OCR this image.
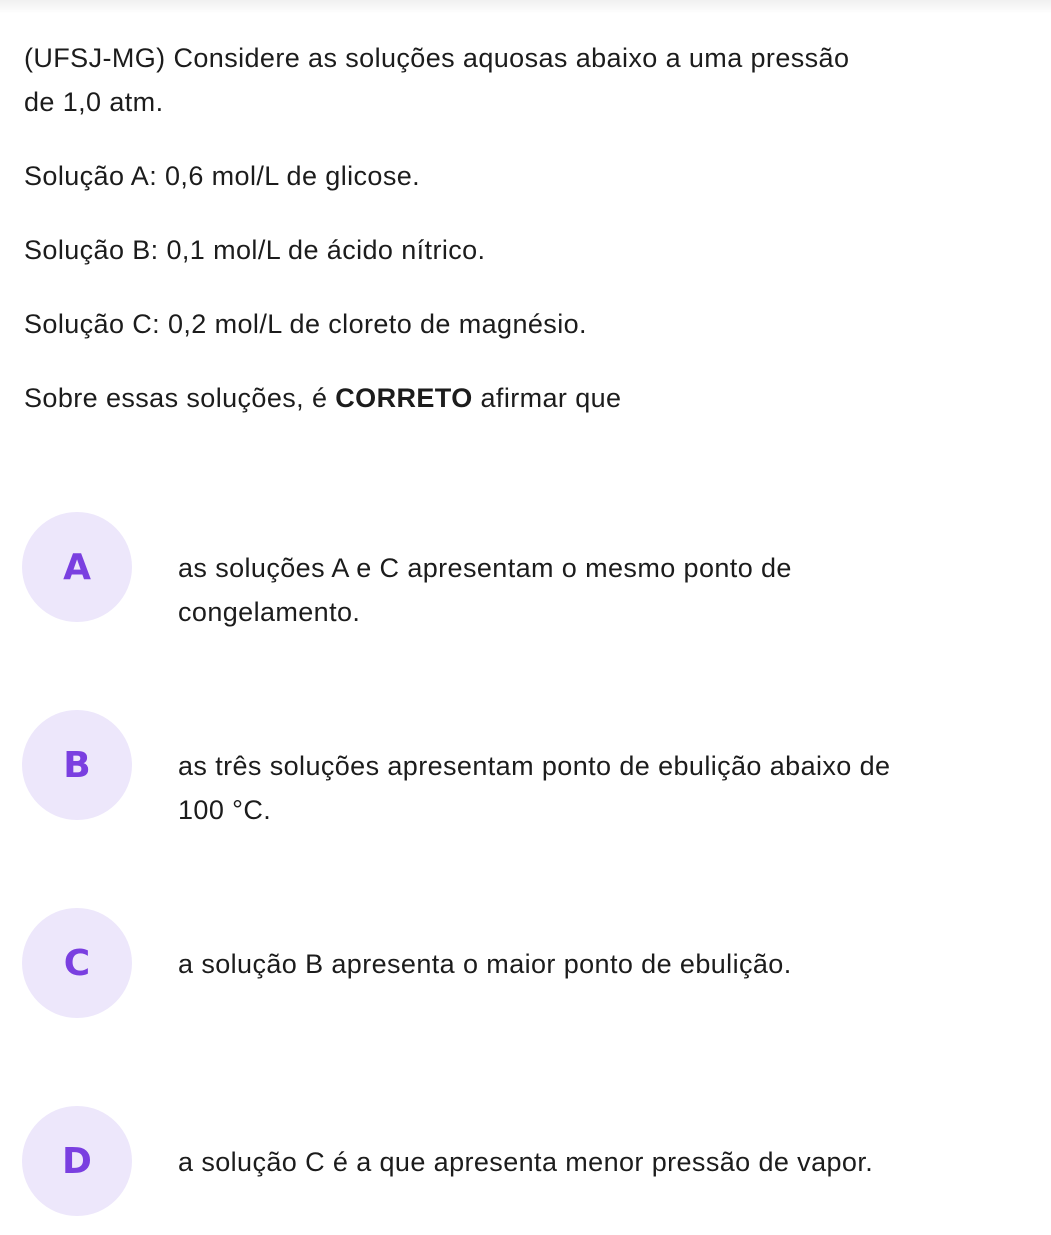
(UFSJ-MG) Considere as soluções aquosas abaixo a uma pressão

de 1,0 atm.

Solução A: 0,6 mol/L de glicose.

Solução B: 0,1 mol/L de ácido nítrico.

Solução C: 0,2 mol/L de cloreto de magnésio.

Sobre essas soluções, é CORRETO afirmar que

A	as soluções A e C apresentam o mesmo ponto de
congelamento.

B	as três soluções apresentam ponto de ebulição abaixo de
100 °C.

C	a solução B apresenta o maior ponto de ebulição.

D	a solução C é a que apresenta menor pressão de vapor.
